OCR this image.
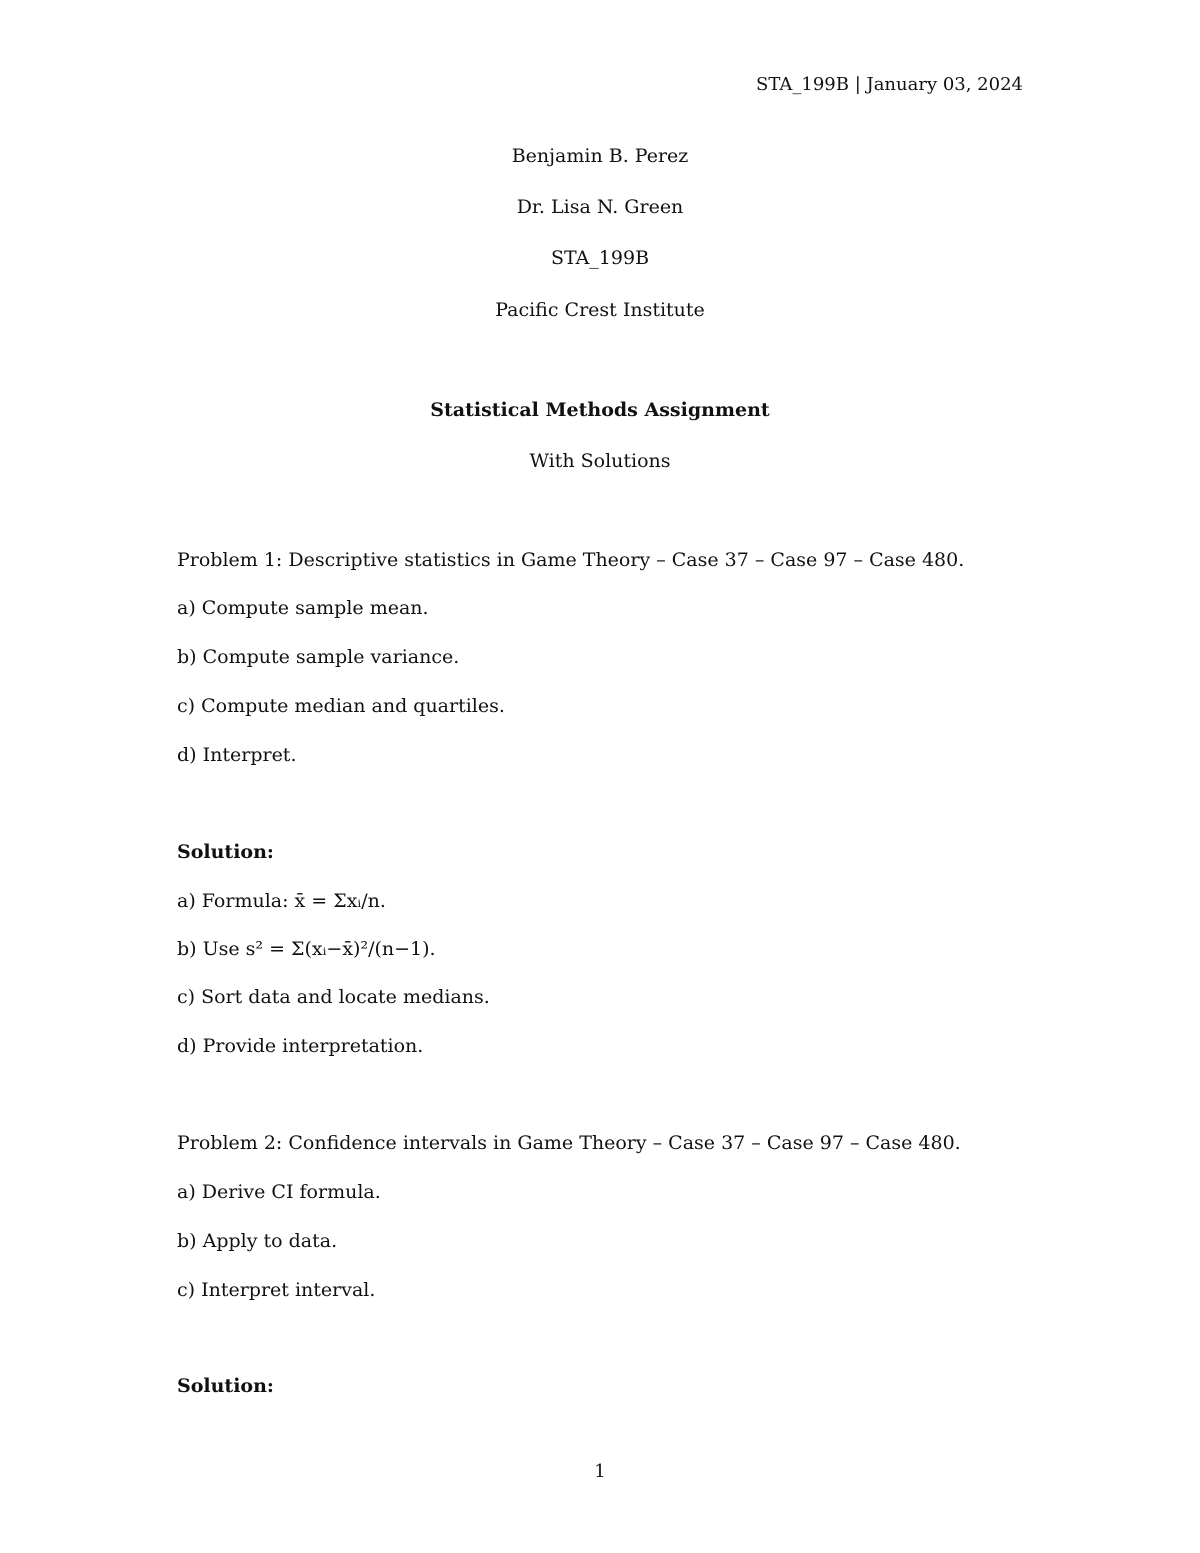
STA_199B | January 03, 2024
Benjamin B. Perez
Dr. Lisa N. Green
STA_199B
Pacific Crest Institute
Statistical Methods Assignment
With Solutions
Problem 1: Descriptive statistics in Game Theory – Case 37 – Case 97 – Case 480.
a) Compute sample mean.
b) Compute sample variance.
c) Compute median and quartiles.
d) Interpret.
Solution:
a) Formula: x̄ = Σxᵢ/n.
b) Use s² = Σ(xᵢ−x̄)²/(n−1).
c) Sort data and locate medians.
d) Provide interpretation.
Problem 2: Confidence intervals in Game Theory – Case 37 – Case 97 – Case 480.
a) Derive CI formula.
b) Apply to data.
c) Interpret interval.
Solution:
1
